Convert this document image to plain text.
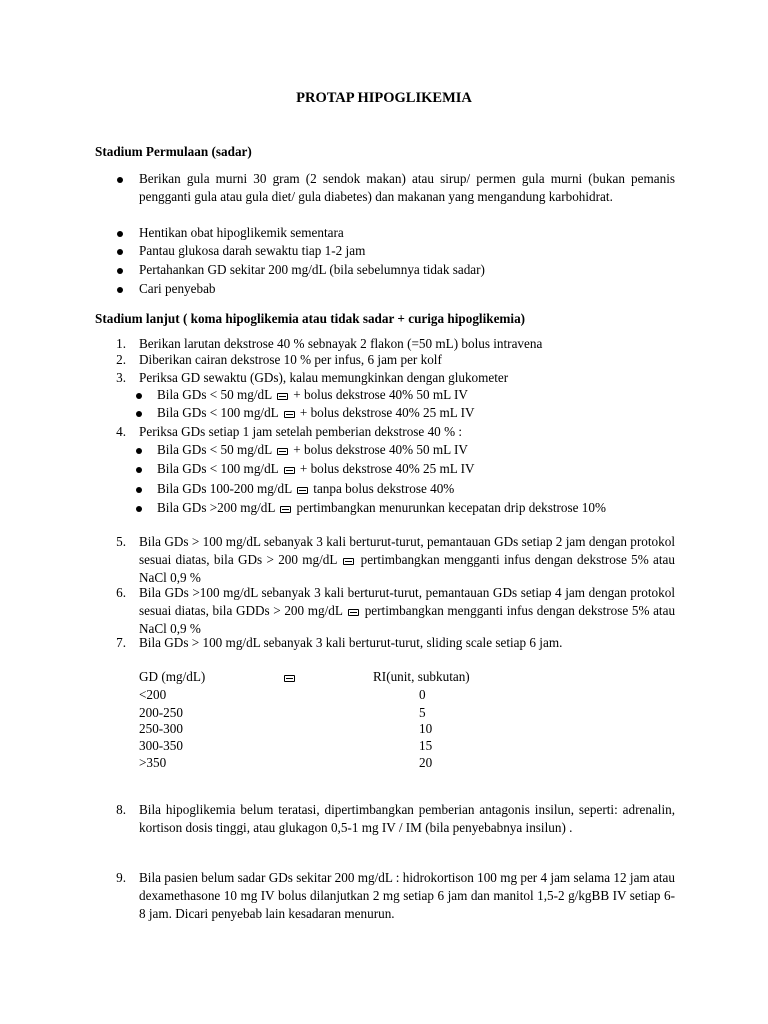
PROTAP HIPOGLIKEMIA
Stadium Permulaan (sadar)
Berikan gula murni 30 gram (2 sendok makan) atau sirup/ permen gula murni (bukan pemanis pengganti gula atau gula diet/ gula diabetes) dan makanan yang mengandung karbohidrat.
Hentikan obat hipoglikemik sementara
Pantau glukosa darah sewaktu tiap 1-2 jam
Pertahankan GD sekitar 200 mg/dL (bila sebelumnya tidak sadar)
Cari penyebab
Stadium lanjut ( koma hipoglikemia atau tidak sadar + curiga hipoglikemia)
1. Berikan larutan dekstrose 40 % sebnayak 2 flakon (=50 mL) bolus intravena
2. Diberikan cairan dekstrose 10 % per infus, 6 jam per kolf
3. Periksa GD sewaktu (GDs), kalau memungkinkan dengan glukometer
Bila GDs < 50 mg/dL + bolus dekstrose 40% 50 mL IV
Bila GDs < 100 mg/dL + bolus dekstrose 40% 25 mL IV
4. Periksa GDs setiap 1 jam setelah pemberian dekstrose 40 % :
Bila GDs < 50 mg/dL + bolus dekstrose 40% 50 mL IV
Bila GDs < 100 mg/dL + bolus dekstrose 40% 25 mL IV
Bila GDs 100-200 mg/dL tanpa bolus dekstrose 40%
Bila GDs >200 mg/dL pertimbangkan menurunkan kecepatan drip dekstrose 10%
5. Bila GDs > 100 mg/dL sebanyak 3 kali berturut-turut, pemantauan GDs setiap 2 jam dengan protokol sesuai diatas, bila GDs > 200 mg/dL pertimbangkan mengganti infus dengan dekstrose 5% atau NaCl 0,9 %
6. Bila GDs >100 mg/dL sebanyak 3 kali berturut-turut, pemantauan GDs setiap 4 jam dengan protokol sesuai diatas, bila GDDs > 200 mg/dL pertimbangkan mengganti infus dengan dekstrose 5% atau NaCl 0,9 %
7. Bila GDs > 100 mg/dL sebanyak 3 kali berturut-turut, sliding scale setiap 6 jam.
GD (mg/dL)	RI(unit, subkutan)
<200	0
200-250	5
250-300	10
300-350	15
>350	20
8. Bila hipoglikemia belum teratasi, dipertimbangkan pemberian antagonis insilun, seperti: adrenalin, kortison dosis tinggi, atau glukagon 0,5-1 mg IV / IM (bila penyebabnya insilun) .
9. Bila pasien belum sadar GDs sekitar 200 mg/dL : hidrokortison 100 mg per 4 jam selama 12 jam atau dexamethasone 10 mg IV bolus dilanjutkan 2 mg setiap 6 jam dan manitol 1,5-2 g/kgBB IV setiap 6-8 jam. Dicari penyebab lain kesadaran menurun.
